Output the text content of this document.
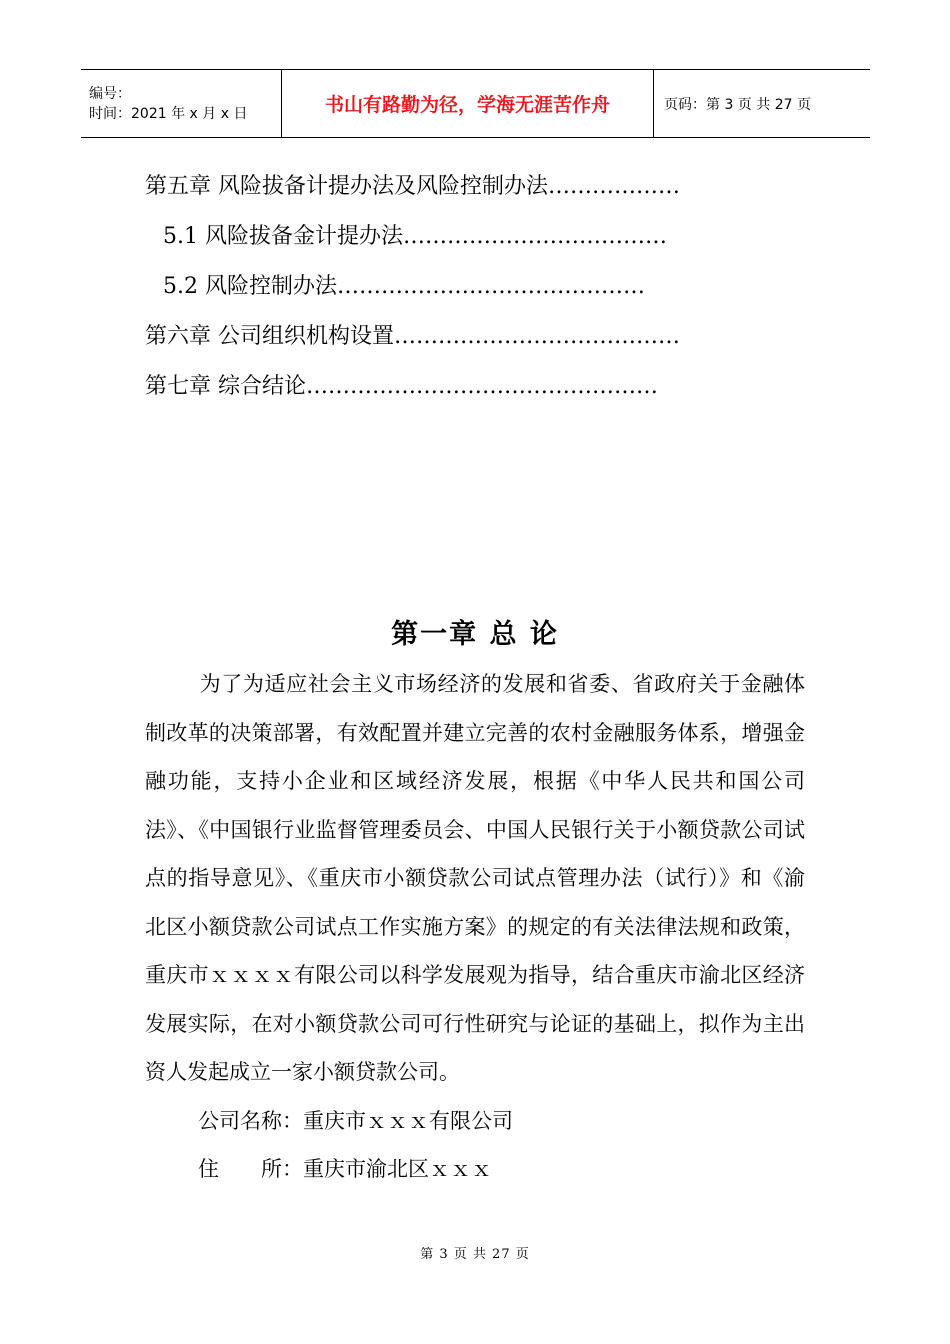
编号：
时间：2021 年 x 月 x 日	书山有路勤为径，学海无涯苦作舟	页码：第 3 页 共 27 页
第五章 风险拔备计提办法及风险控制办法………………
5.1 风险拔备金计提办法………………………………
5.2 风险控制办法……………………………………
第六章 公司组织机构设置…………………………………
第七章 综合结论…………………………………………
第一章 总 论

为了为适应社会主义市场经济的发展和省委、省政府关于金融体制改革的决策部署，有效配置并建立完善的农村金融服务体系，增强金融功能，支持小企业和区域经济发展，根据《中华人民共和国公司法》、《中国银行业监督管理委员会、中国人民银行关于小额贷款公司试点的指导意见》、《重庆市小额贷款公司试点管理办法（试行）》和《渝北区小额贷款公司试点工作实施方案》的规定的有关法律法规和政策，重庆市ｘｘｘｘ有限公司以科学发展观为指导，结合重庆市渝北区经济发展实际，在对小额贷款公司可行性研究与论证的基础上，拟作为主出资人发起成立一家小额贷款公司。

公司名称：重庆市ｘｘｘ有限公司
住 所：重庆市渝北区ｘｘｘ
第 3 页 共 27 页
